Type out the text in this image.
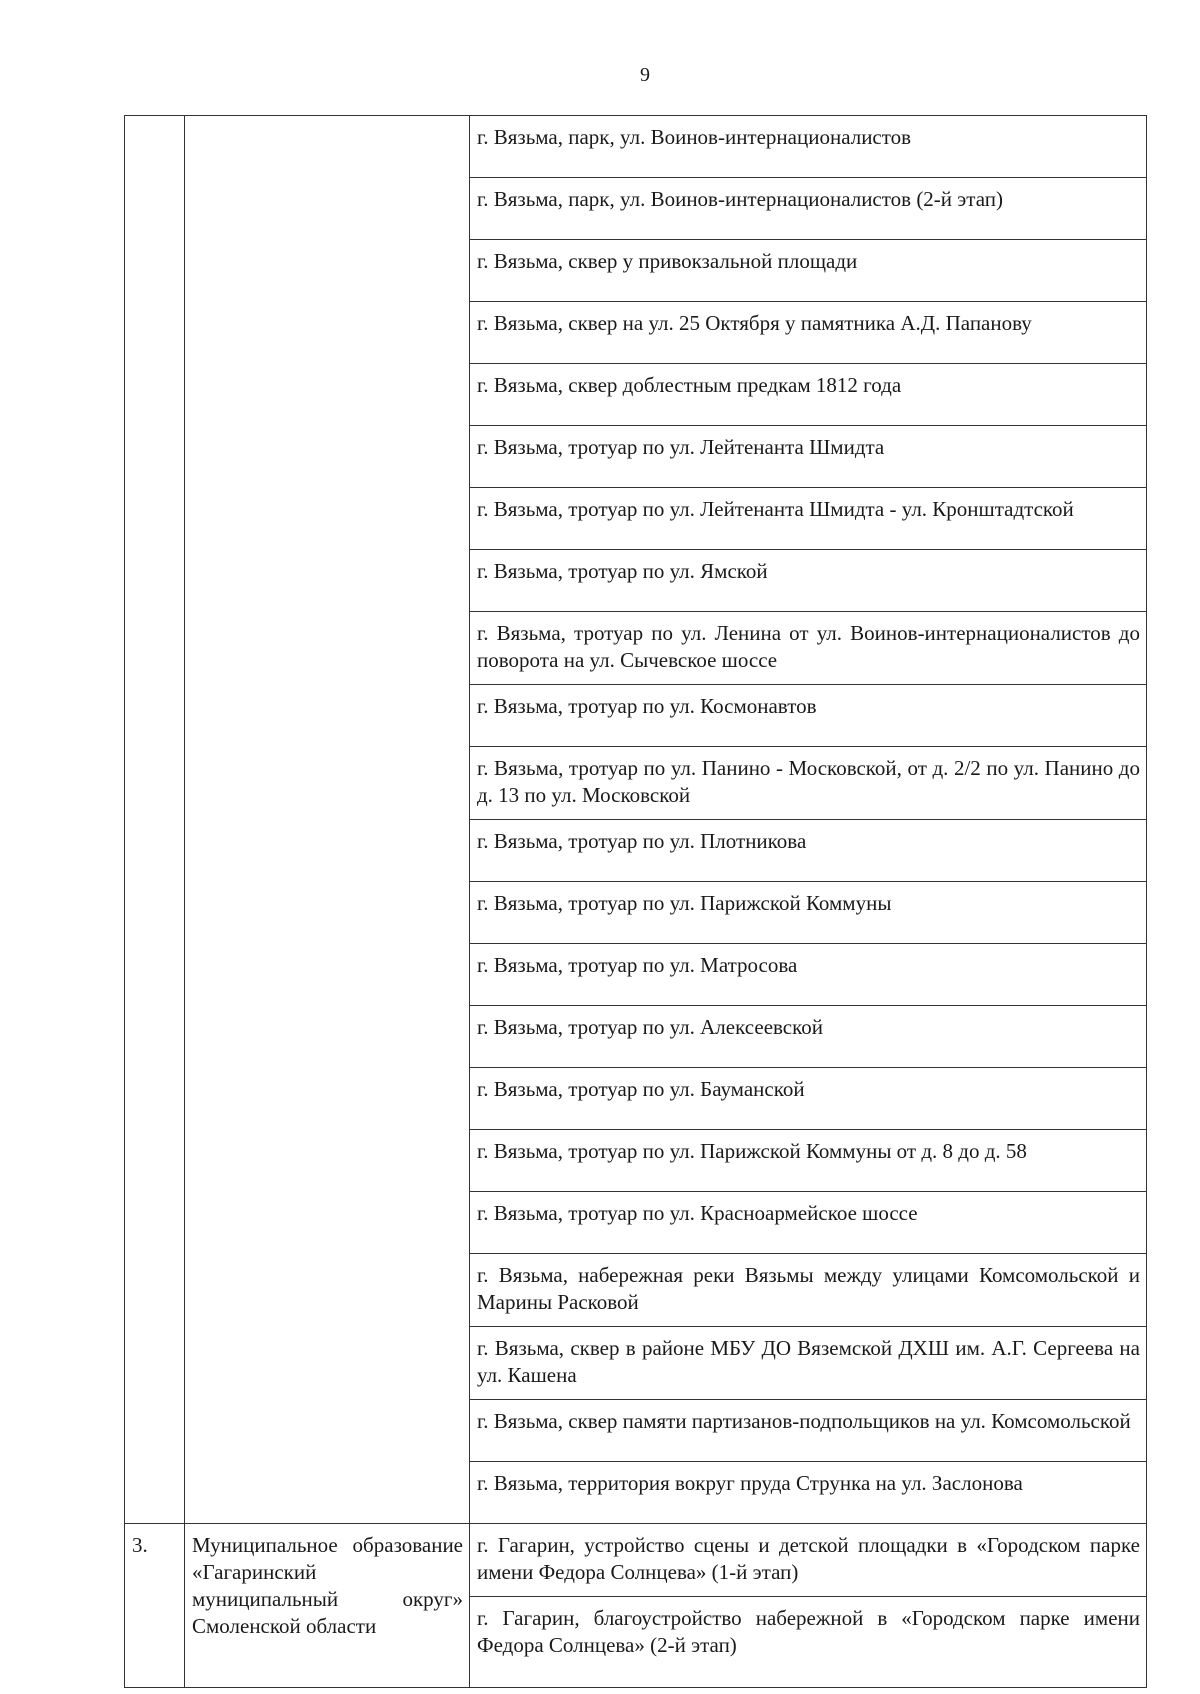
9
		г. Вязьма, парк, ул. Воинов-интернационалистов
		г. Вязьма, парк, ул. Воинов-интернационалистов (2-й этап)
		г. Вязьма, сквер у привокзальной площади
		г. Вязьма, сквер на ул. 25 Октября у памятника А.Д. Папанову
		г. Вязьма, сквер доблестным предкам 1812 года
		г. Вязьма, тротуар по ул. Лейтенанта Шмидта
		г. Вязьма, тротуар по ул. Лейтенанта Шмидта - ул. Кронштадтской
		г. Вязьма, тротуар по ул. Ямской
		г. Вязьма, тротуар по ул. Ленина от ул. Воинов-интернационалистов до поворота на ул. Сычевское шоссе
		г. Вязьма, тротуар по ул. Космонавтов
		г. Вязьма, тротуар по ул. Панино - Московской, от д. 2/2 по ул. Панино до д. 13 по ул. Московской
		г. Вязьма, тротуар по ул. Плотникова
		г. Вязьма, тротуар по ул. Парижской Коммуны
		г. Вязьма, тротуар по ул. Матросова
		г. Вязьма, тротуар по ул. Алексеевской
		г. Вязьма, тротуар по ул. Бауманской
		г. Вязьма, тротуар по ул. Парижской Коммуны от д. 8 до д. 58
		г. Вязьма, тротуар по ул. Красноармейское шоссе
		г. Вязьма, набережная реки Вязьмы между улицами Комсомольской и Марины Расковой
		г. Вязьма, сквер в районе МБУ ДО Вяземской ДХШ им. А.Г. Сергеева на ул. Кашена
		г. Вязьма, сквер памяти партизанов-подпольщиков на ул. Комсомольской
		г. Вязьма, территория вокруг пруда Струнка на ул. Заслонова
3.	Муниципальное образование «Гагаринский муниципальный округ» Смоленской области	г. Гагарин, устройство сцены и детской площадки в «Городском парке имени Федора Солнцева» (1-й этап)
		г. Гагарин, благоустройство набережной в «Городском парке имени Федора Солнцева» (2-й этап)
